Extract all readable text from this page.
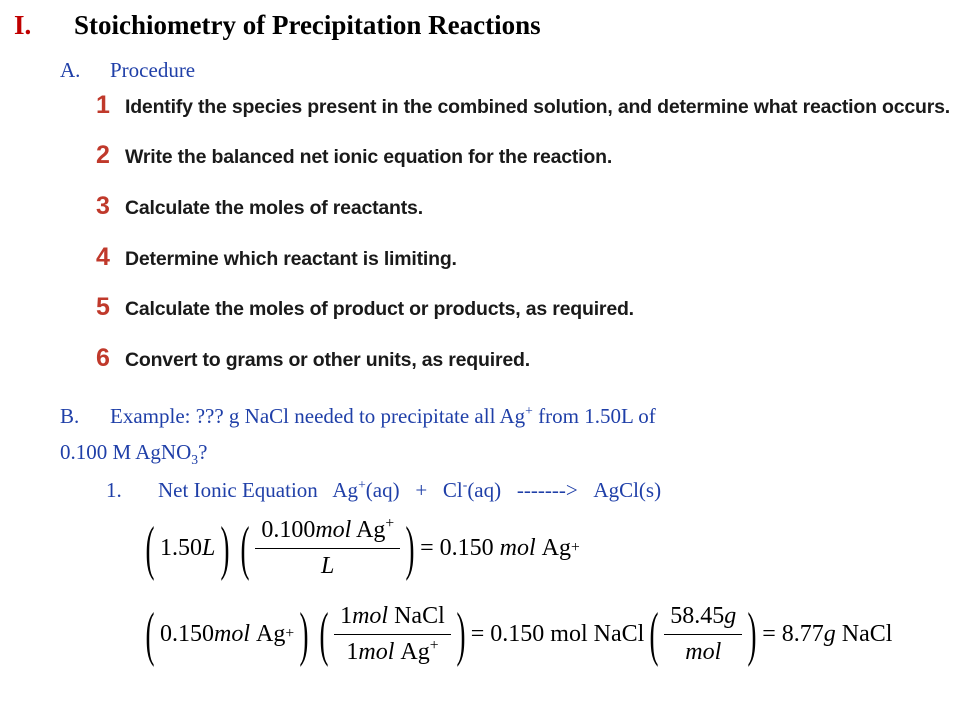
I. Stoichiometry of Precipitation Reactions
A. Procedure
1 Identify the species present in the combined solution, and determine what reaction occurs.
2 Write the balanced net ionic equation for the reaction.
3 Calculate the moles of reactants.
4 Determine which reactant is limiting.
5 Calculate the moles of product or products, as required.
6 Convert to grams or other units, as required.
B. Example: ??? g NaCl needed to precipitate all Ag+ from 1.50L of
0.100 M AgNO$_3$?
1. Net Ionic Equation Ag+(aq) + Cl-(aq) -------> AgCl(s)
( 1.50 L ) ( $\frac{0.100mol Ag^+}{L}$ ) = 0.150
mol
Ag +
( 0.150 mol
Ag + ) ( $\frac{\text{1mol NaCl}}{1mol Ag^+}$ ) = 0.150 mol NaCl ( $\frac{58.45g}{\text{mol}}$ ) = 8.77 g
NaCl
